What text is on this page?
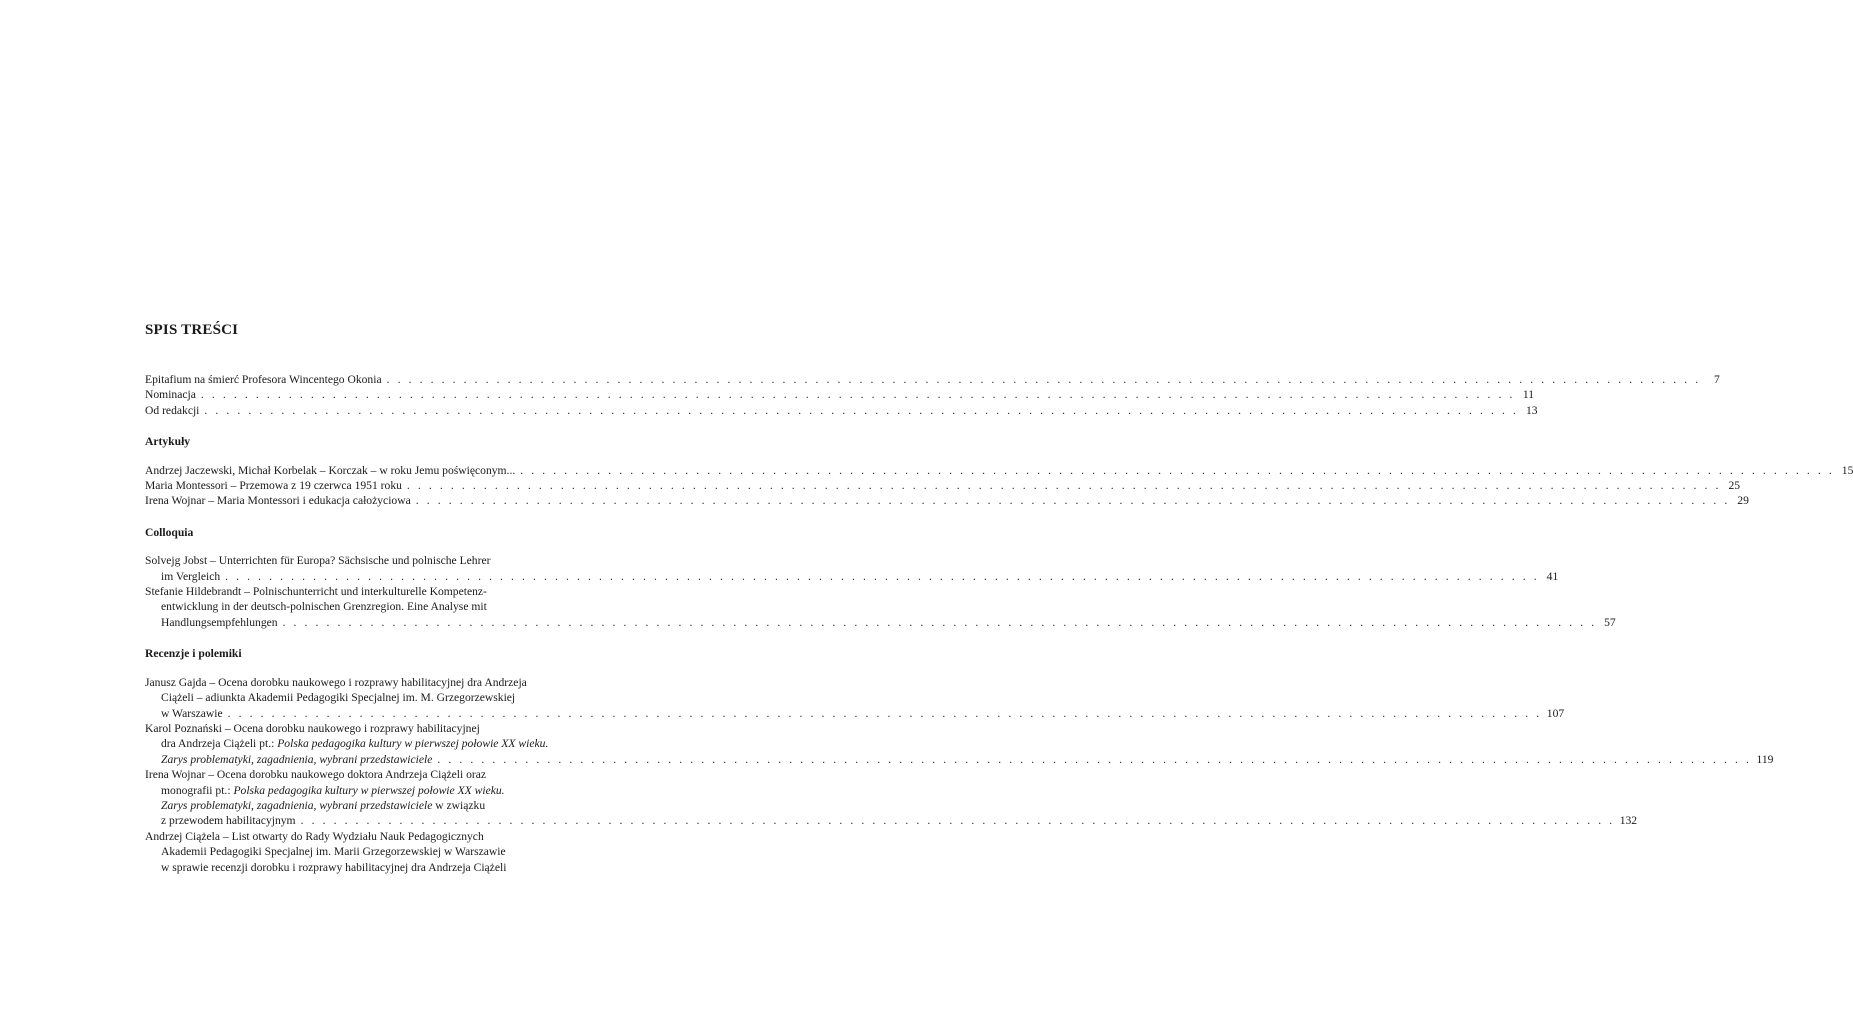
SPIS TREŚCI
Epitafium na śmierć Profesora Wincentego Okonia . . . . . . . . . . . . . . . . . . . . . . . . . . . . . . . . . . . . . . . . . . . . . . . . . . . . . . . . . . . . . . . . . . . . . . . . . . . . . . . . . . . . . . . . . . . . . . . . . . . . . . . . . . . . . . . . . . . . . . . .	7
Nominacja . . . . . . . . . . . . . . . . . . . . . . . . . . . . . . . . . . . . . . . . . . . . . . . . . . . . . . . . . . . . . . . . . . . . . . . . . . . . . . . . . . . . . . . . . . . . . . . . . . . . . . . . . . . . . . . . . . . . . . . . 11
Od redakcji . . . . . . . . . . . . . . . . . . . . . . . . . . . . . . . . . . . . . . . . . . . . . . . . . . . . . . . . . . . . . . . . . . . . . . . . . . . . . . . . . . . . . . . . . . . . . . . . . . . . . . . . . . . . . . . . . . . . . . . . 13
Artykuły
Andrzej Jaczewski, Michał Korbelak – Korczak – w roku Jemu poświęconym... . . . . . . . . . . . . . . . . . . . . . . . . . . . . . . . . . . . . . . . . . . . . . . . . . . . . . . . . . . . . . . . . . . . . . . . . . . . . . . . . . . . . . . . . . . . . . . . . . . . . . . . . . . . . . . . . . . . . . . . . 15
Maria Montessori – Przemowa z 19 czerwca 1951 roku . . . . . . . . . . . . . . . . . . . . . . . . . . . . . . . . . . . . . . . . . . . . . . . . . . . . . . . . . . . . . . . . . . . . . . . . . . . . . . . . . . . . . . . . . . . . . . . . . . . . . . . . . . . . . . . . . . . . . . . . 25
Irena Wojnar – Maria Montessori i edukacja całożyciowa . . . . . . . . . . . . . . . . . . . . . . . . . . . . . . . . . . . . . . . . . . . . . . . . . . . . . . . . . . . . . . . . . . . . . . . . . . . . . . . . . . . . . . . . . . . . . . . . . . . . . . . . . . . . . . . . . . . . . . . . 29
Colloquia
Solvejg Jobst – Unterrichten für Europa? Sächsische und polnische Lehrer
im Vergleich . . . . . . . . . . . . . . . . . . . . . . . . . . . . . . . . . . . . . . . . . . . . . . . . . . . . . . . . . . . . . . . . . . . . . . . . . . . . . . . . . . . . . . . . . . . . . . . . . . . . . . . . . . . . . . . . . . . . . . . . 41
Stefanie Hildebrandt – Polnischunterricht und interkulturelle Kompetenz-
entwicklung in der deutsch-polnischen Grenzregion. Eine Analyse mit
Handlungsempfehlungen . . . . . . . . . . . . . . . . . . . . . . . . . . . . . . . . . . . . . . . . . . . . . . . . . . . . . . . . . . . . . . . . . . . . . . . . . . . . . . . . . . . . . . . . . . . . . . . . . . . . . . . . . . . . . . . . . . . . . . . . 57
Recenzje i polemiki
Janusz Gajda – Ocena dorobku naukowego i rozprawy habilitacyjnej dra Andrzeja
Ciążeli – adiunkta Akademii Pedagogiki Specjalnej im. M. Grzegorzewskiej
w Warszawie . . . . . . . . . . . . . . . . . . . . . . . . . . . . . . . . . . . . . . . . . . . . . . . . . . . . . . . . . . . . . . . . . . . . . . . . . . . . . . . . . . . . . . . . . . . . . . . . . . . . . . . . . . . . . . . . . . . . . . . . 107
Karol Poznański – Ocena dorobku naukowego i rozprawy habilitacyjnej
dra Andrzeja Ciążeli pt.: Polska pedagogika kultury w pierwszej połowie XX wieku.
Zarys problematyki, zagadnienia, wybrani przedstawiciele . . . . . . . . . . . . . . . . . . . . . . . . . . . . . . . . . . . . . . . . . . . . . . . . . . . . . . . . . . . . . . . . . . . . . . . . . . . . . . . . . . . . . . . . . . . . . . . . . . . . . . . . . . . . . . . . . . . . . . . . 119
Irena Wojnar – Ocena dorobku naukowego doktora Andrzeja Ciążeli oraz
monografii pt.: Polska pedagogika kultury w pierwszej połowie XX wieku.
Zarys problematyki, zagadnienia, wybrani przedstawiciele w związku
z przewodem habilitacyjnym . . . . . . . . . . . . . . . . . . . . . . . . . . . . . . . . . . . . . . . . . . . . . . . . . . . . . . . . . . . . . . . . . . . . . . . . . . . . . . . . . . . . . . . . . . . . . . . . . . . . . . . . . . . . . . . . . . . . . . . . 132
Andrzej Ciążela – List otwarty do Rady Wydziału Nauk Pedagogicznych
Akademii Pedagogiki Specjalnej im. Marii Grzegorzewskiej w Warszawie
w sprawie recenzji dorobku i rozprawy habilitacyjnej dra Andrzeja Ciążeli
